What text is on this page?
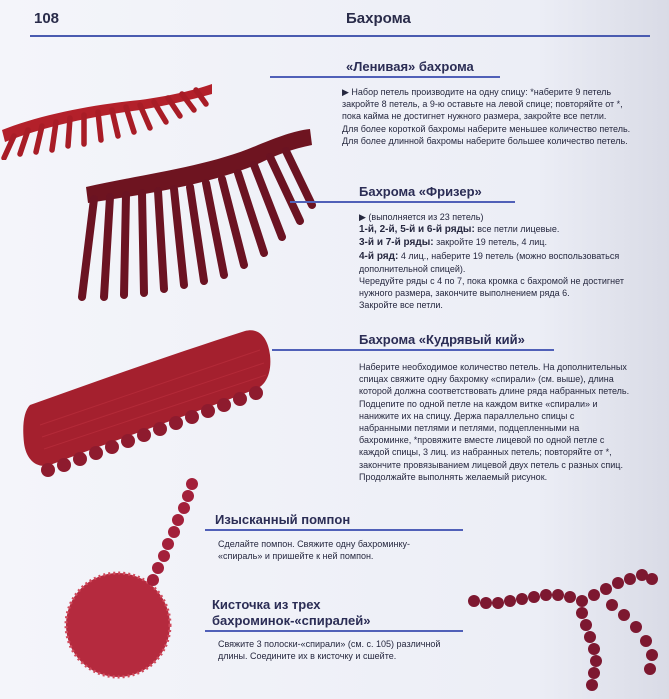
108	Бахрома
«Ленивая» бахрома

▶ Набор петель производите на одну спицу: *наберите 9 петель

закройте 8 петель, а 9-ю оставьте на левой спице; повторяйте от *,

пока кайма не достигнет нужного размера, закройте все петли.

Для более короткой бахромы наберите меньшее количество петель.

Для более длинной бахромы наберите большее количество петель.

Бахрома «Фризер»

▶ (выполняется из 23 петель)

1-й, 2-й, 5-й и 6-й ряды: все петли лицевые.

3-й и 7-й ряды: закройте 19 петель, 4 лиц.

4-й ряд: 4 лиц., наберите 19 петель (можно воспользоваться

дополнительной спицей).

Чередуйте ряды с 4 по 7, пока кромка с бахромой не достигнет

нужного размера, закончите выполнением ряда 6.

Закройте все петли.

Бахрома «Кудрявый кий»

Наберите необходимое количество петель. На дополнительных

спицах свяжите одну бахромку «спирали» (см. выше), длина

которой должна соответствовать длине ряда набранных петель.

Подцепите по одной петле на каждом витке «спирали» и

нанижите их на спицу. Держа параллельно спицы с

набранными петлями и петлями, подцепленными на

бахроминке, *провяжите вместе лицевой по одной петле с

каждой спицы, 3 лиц. из набранных петель; повторяйте от *,

закончите провязыванием лицевой двух петель с разных спиц.

Продолжайте выполнять желаемый рисунок.

Изысканный помпон

Сделайте помпон. Свяжите одну бахроминку-

«спираль» и пришейте к ней помпон.

Кисточка из трех
бахроминок-«спиралей»

Свяжите 3 полоски-«спирали» (см. с. 105) различной

длины. Соедините их в кисточку и сшейте.
